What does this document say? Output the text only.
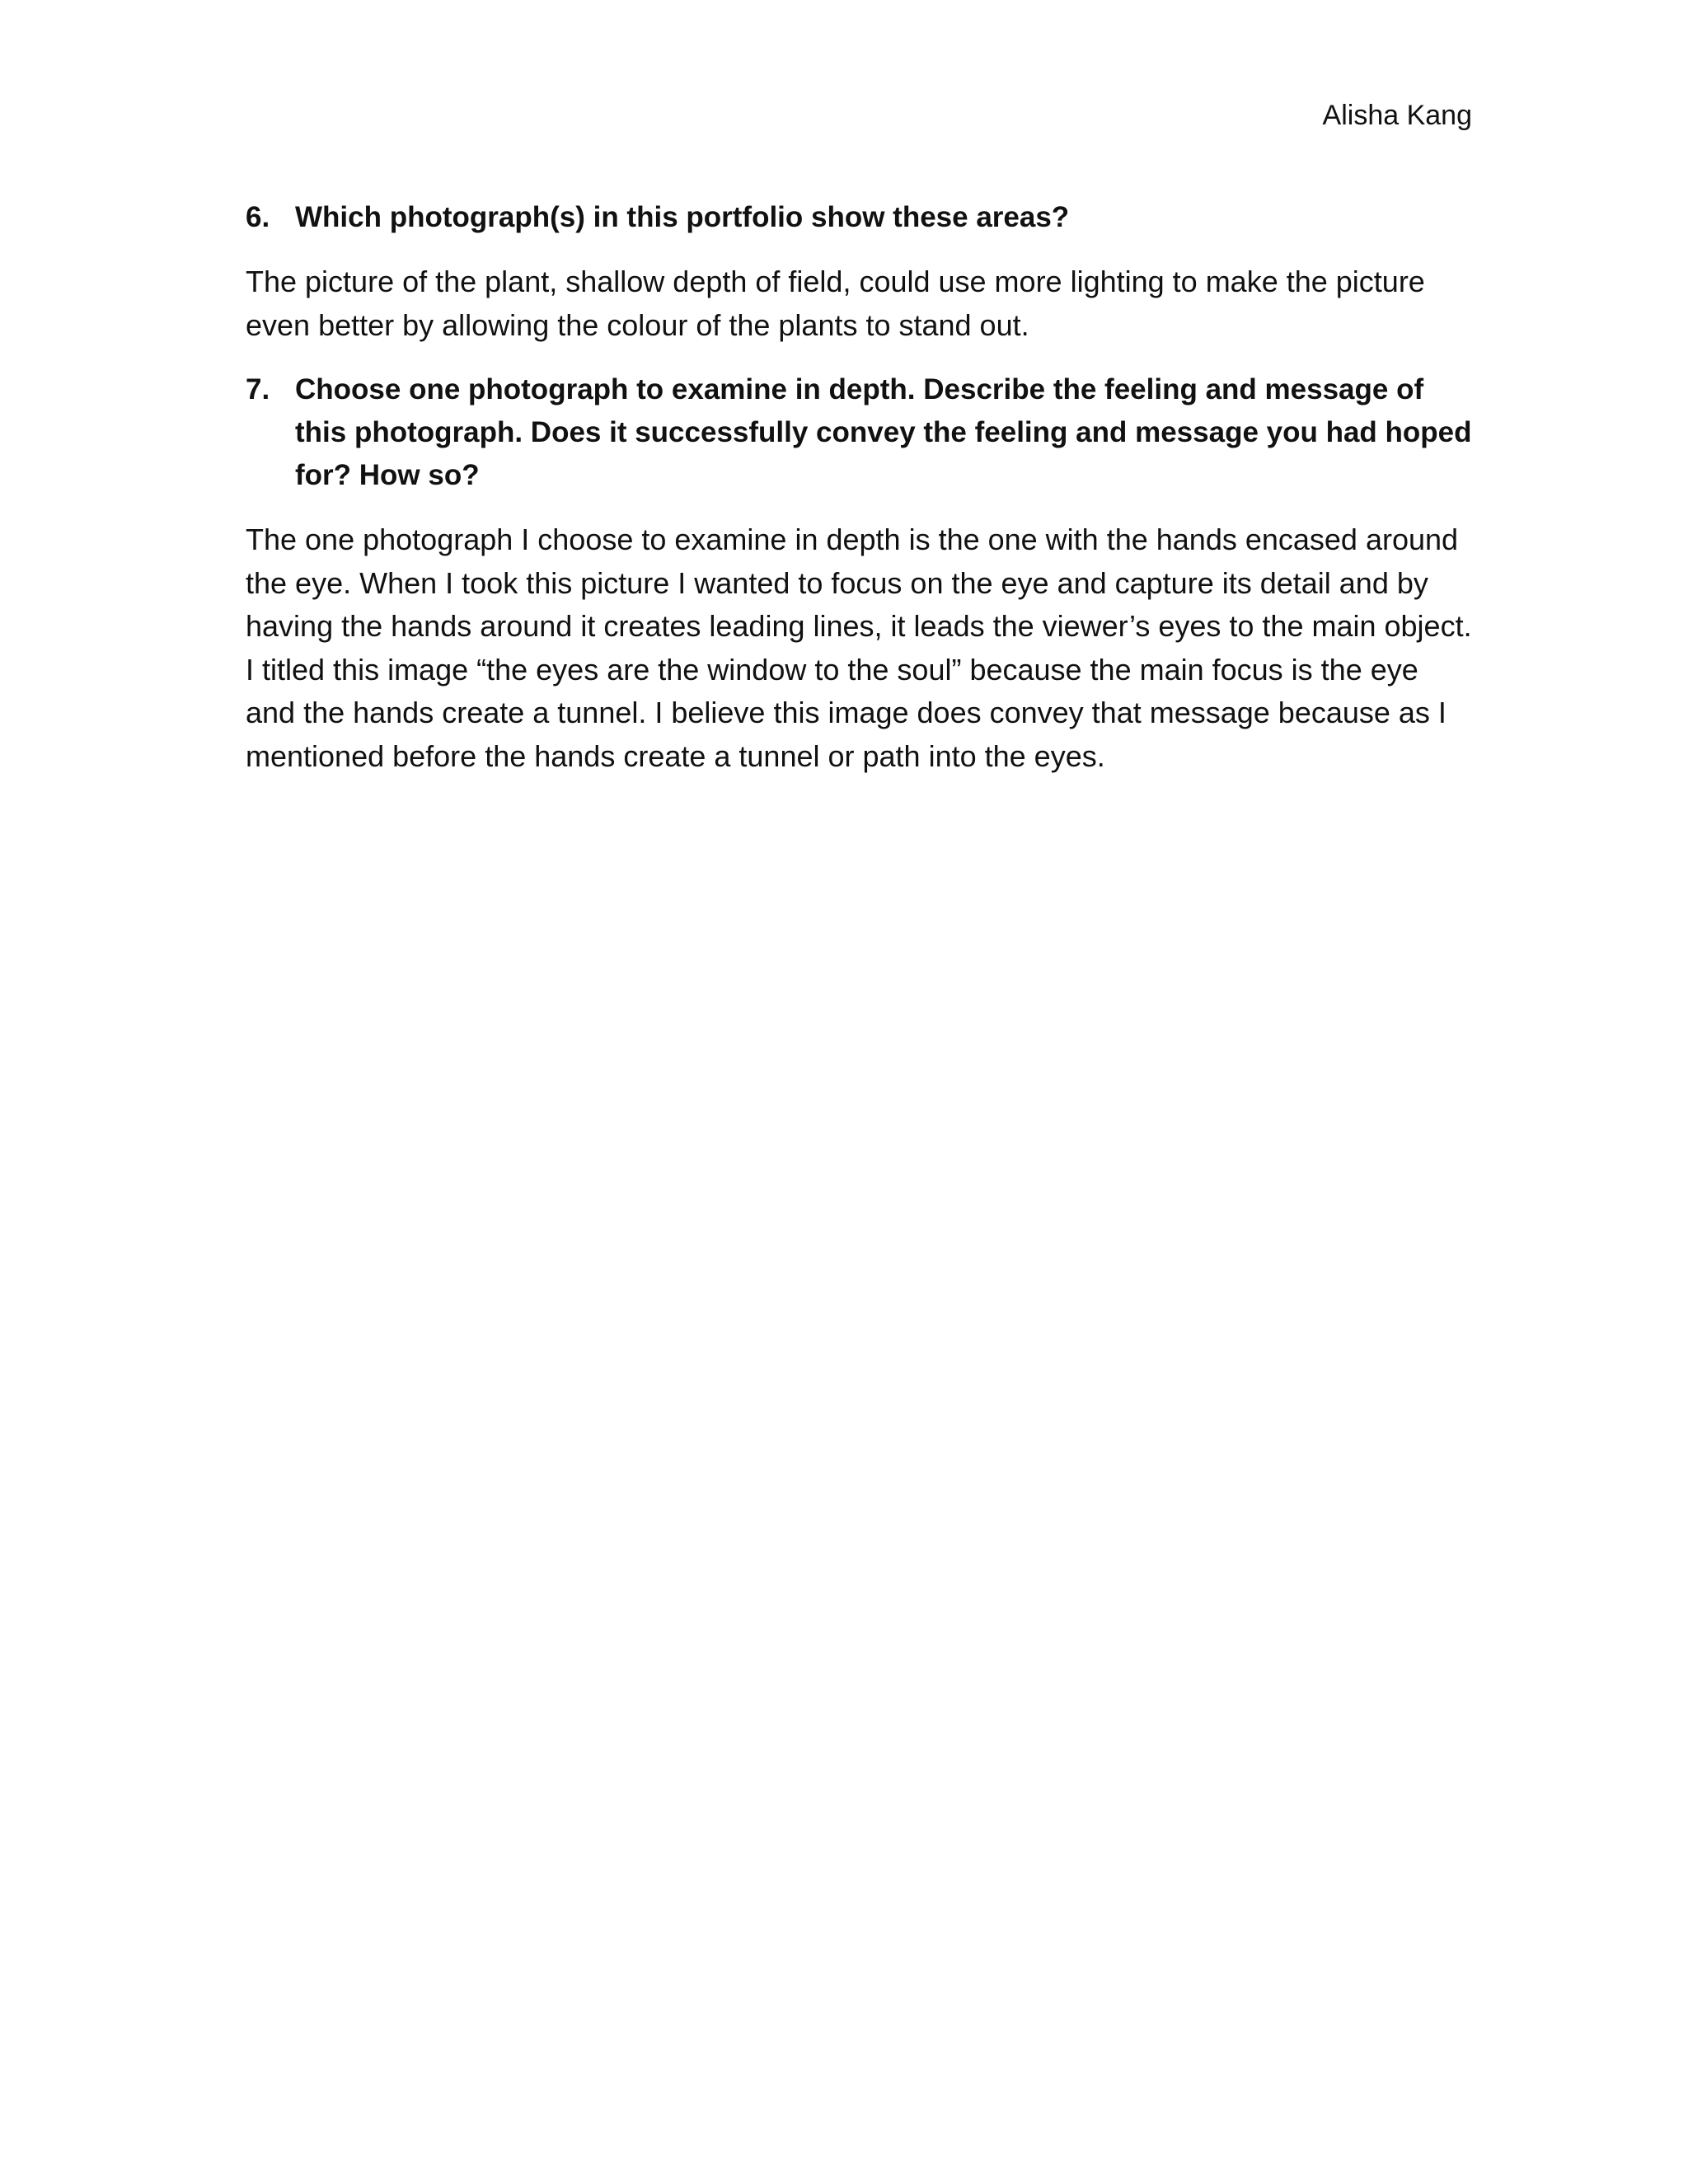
Alisha Kang
6. Which photograph(s) in this portfolio show these areas?

The picture of the plant, shallow depth of field, could use more lighting to make the picture even better by allowing the colour of the plants to stand out.

7. Choose one photograph to examine in depth. Describe the feeling and message of this photograph. Does it successfully convey the feeling and message you had hoped for? How so?

The one photograph I choose to examine in depth is the one with the hands encased around the eye. When I took this picture I wanted to focus on the eye and capture its detail and by having the hands around it creates leading lines, it leads the viewer’s eyes to the main object. I titled this image “the eyes are the window to the soul” because the main focus is the eye and the hands create a tunnel. I believe this image does convey that message because as I mentioned before the hands create a tunnel or path into the eyes.
